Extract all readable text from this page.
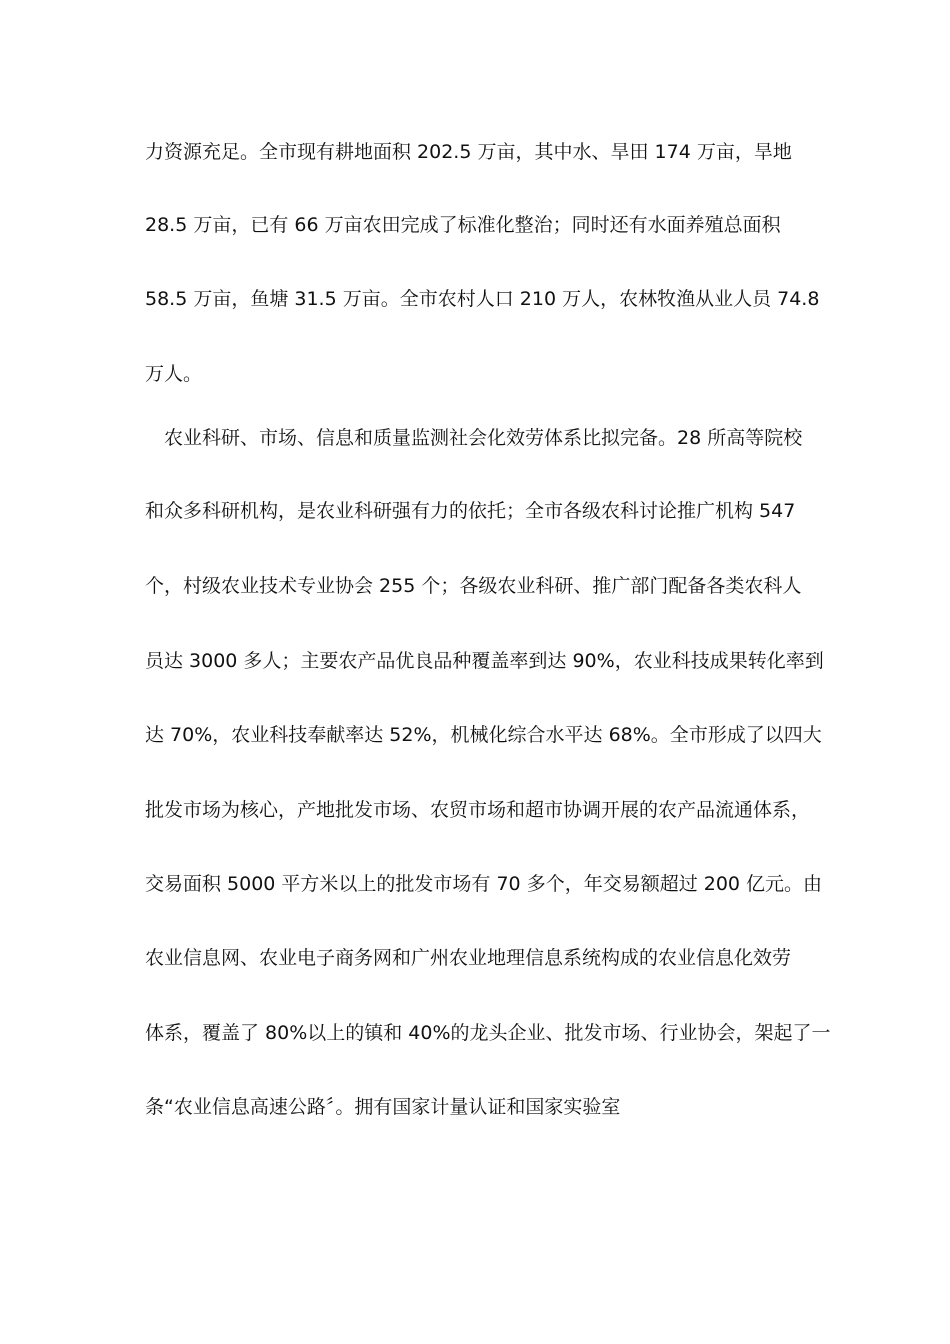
力资源充足。全市现有耕地面积 202.5 万亩，其中水、旱田 174 万亩，旱地
28.5 万亩，已有 66 万亩农田完成了标准化整治；同时还有水面养殖总面积
58.5 万亩，鱼塘 31.5 万亩。全市农村人口 210 万人，农林牧渔从业人员 74.8
万人。
农业科研、市场、信息和质量监测社会化效劳体系比拟完备。28 所高等院校
和众多科研机构，是农业科研强有力的依托；全市各级农科讨论推广机构 547
个，村级农业技术专业协会 255 个；各级农业科研、推广部门配备各类农科人
员达 3000 多人；主要农产品优良品种覆盖率到达 90%，农业科技成果转化率到
达 70%，农业科技奉献率达 52%，机械化综合水平达 68%。全市形成了以四大
批发市场为核心，产地批发市场、农贸市场和超市协调开展的农产品流通体系，
交易面积 5000 平方米以上的批发市场有 70 多个，年交易额超过 200 亿元。由
农业信息网、农业电子商务网和广州农业地理信息系统构成的农业信息化效劳
体系，覆盖了 80%以上的镇和 40%的龙头企业、批发市场、行业协会，架起了一
条“农业信息高速公路〞。拥有国家计量认证和国家实验室
